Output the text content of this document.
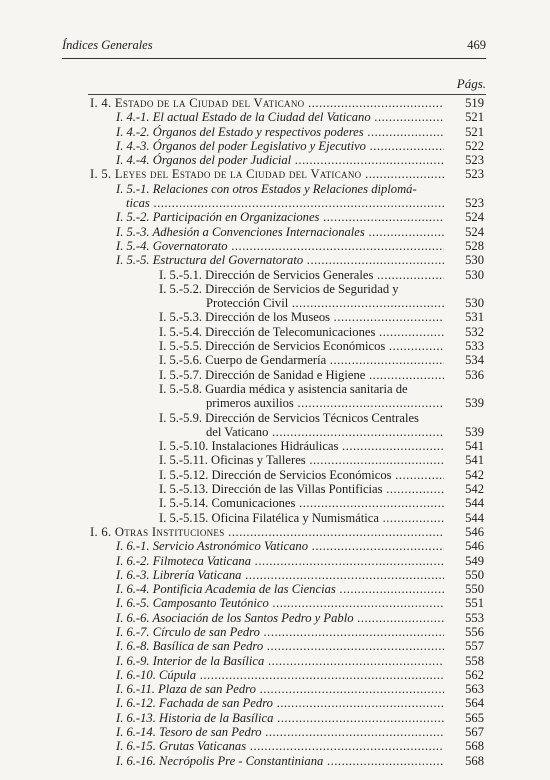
Índices Generales	469
Págs.
I. 4. Estado de la Ciudad del Vaticano .....	519
I. 4.-1. El actual Estado de la Ciudad del Vaticano .....	521
I. 4.-2. Órganos del Estado y respectivos poderes .....	521
I. 4.-3. Órganos del poder Legislativo y Ejecutivo .....	522
I. 4.-4. Órganos del poder Judicial .....	523
I. 5. Leyes del Estado de la Ciudad del Vaticano .....	523
I. 5.-1. Relaciones con otros Estados y Relaciones diplomá-
ticas .....	523
I. 5.-2. Participación en Organizaciones .....	524
I. 5.-3. Adhesión a Convenciones Internacionales .....	524
I. 5.-4. Governatorato .....	528
I. 5.-5. Estructura del Governatorato .....	530
I. 5.-5.1. Dirección de Servicios Generales .....	530
I. 5.-5.2. Dirección de Servicios de Seguridad y
Protección Civil .....	530
I. 5.-5.3. Dirección de los Museos .....	531
I. 5.-5.4. Dirección de Telecomunicaciones .....	532
I. 5.-5.5. Dirección de Servicios Económicos .....	533
I. 5.-5.6. Cuerpo de Gendarmería .....	534
I. 5.-5.7. Dirección de Sanidad e Higiene .....	536
I. 5.-5.8. Guardia médica y asistencia sanitaria de
primeros auxilios .....	539
I. 5.-5.9. Dirección de Servicios Técnicos Centrales
del Vaticano .....	539
I. 5.-5.10. Instalaciones Hidráulicas .....	541
I. 5.-5.11. Oficinas y Talleres .....	541
I. 5.-5.12. Dirección de Servicios Económicos .....	542
I. 5.-5.13. Dirección de las Villas Pontificias .....	542
I. 5.-5.14. Comunicaciones .....	544
I. 5.-5.15. Oficina Filatélica y Numismática .....	544
I. 6. Otras Instituciones .....	546
I. 6.-1. Servicio Astronómico Vaticano .....	546
I. 6.-2. Filmoteca Vaticana .....	549
I. 6.-3. Librería Vaticana .....	550
I. 6.-4. Pontificia Academia de las Ciencias .....	550
I. 6.-5. Camposanto Teutónico .....	551
I. 6.-6. Asociación de los Santos Pedro y Pablo .....	553
I. 6.-7. Círculo de san Pedro .....	556
I. 6.-8. Basílica de san Pedro .....	557
I. 6.-9. Interior de la Basílica .....	558
I. 6.-10. Cúpula .....	562
I. 6.-11. Plaza de san Pedro .....	563
I. 6.-12. Fachada de san Pedro .....	564
I. 6.-13. Historia de la Basílica .....	565
I. 6.-14. Tesoro de san Pedro .....	567
I. 6.-15. Grutas Vaticanas .....	568
I. 6.-16. Necrópolis Pre - Constantiniana .....	568
